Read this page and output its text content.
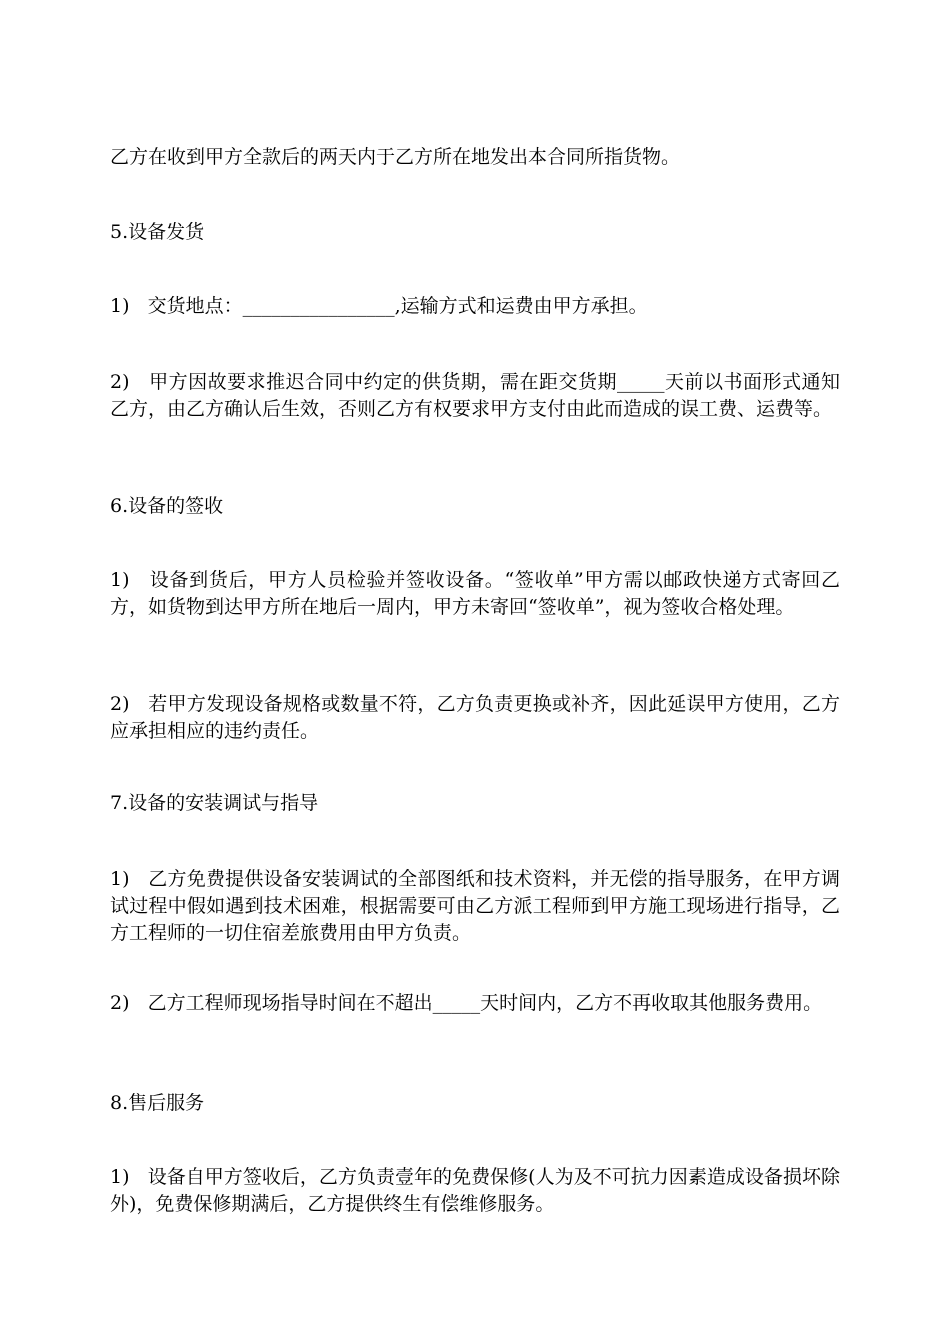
乙方在收到甲方全款后的两天内于乙方所在地发出本合同所指货物。

5.设备发货

1)   交货地点：________________,运输方式和运费由甲方承担。

2)   甲方因故要求推迟合同中约定的供货期，需在距交货期_____天前以书面形式通知乙方，由乙方确认后生效，否则乙方有权要求甲方支付由此而造成的误工费、运费等。

6.设备的签收

1)   设备到货后，甲方人员检验并签收设备。“签收单”甲方需以邮政快递方式寄回乙方，如货物到达甲方所在地后一周内，甲方未寄回“签收单”，视为签收合格处理。

2)   若甲方发现设备规格或数量不符，乙方负责更换或补齐，因此延误甲方使用，乙方应承担相应的违约责任。

7.设备的安装调试与指导

1)   乙方免费提供设备安装调试的全部图纸和技术资料，并无偿的指导服务，在甲方调试过程中假如遇到技术困难，根据需要可由乙方派工程师到甲方施工现场进行指导，乙方工程师的一切住宿差旅费用由甲方负责。

2)   乙方工程师现场指导时间在不超出_____天时间内，乙方不再收取其他服务费用。

8.售后服务

1)   设备自甲方签收后，乙方负责壹年的免费保修(人为及不可抗力因素造成设备损坏除外)，免费保修期满后，乙方提供终生有偿维修服务。
